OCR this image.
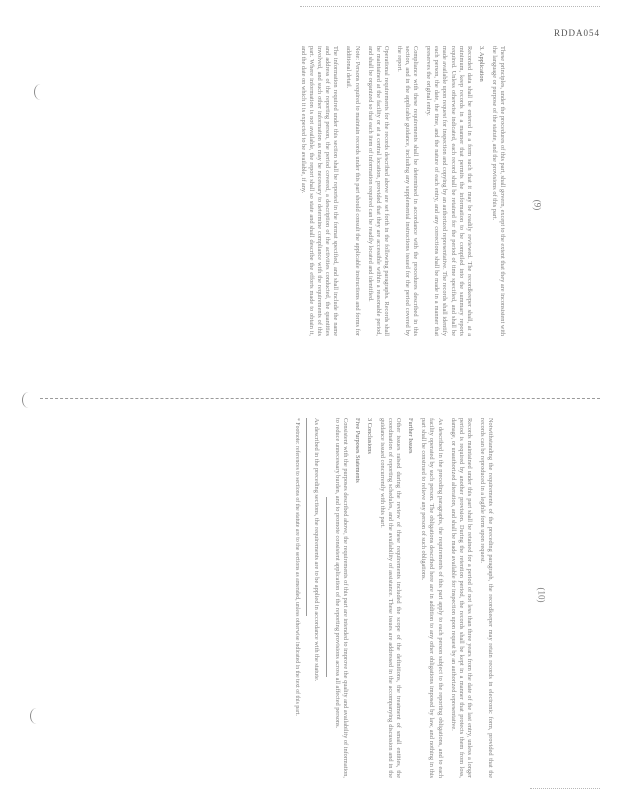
RDDA054
(9)
(10)

These principles, under the procedures of this part, shall govern, except to the extent that they are inconsistent with the language or purpose of the statute, and the provisions of this part.

3. Application

Recorded data shall be entered in a form such that it may be readily reviewed. The recordkeeper shall, at a minimum, keep records in a manner that permits the information to be compiled into the summary reports required. Unless otherwise indicated, each record shall be retained for the period of time specified, and shall be made available upon request for inspection and copying by an authorized representative. The records shall identify each person, the date, the time, and the nature of each entry, and any corrections shall be made in a manner that preserves the original entry.

Compliance with these requirements shall be determined in accordance with the procedures described in this section, and in the applicable guidance, including any supplemental instructions issued for the period covered by the report.

Operational requirements for the records described above are set forth in the following paragraphs. Records shall be maintained at the facility or at a central location, provided that they are accessible within a reasonable period, and shall be organized so that each item of information required can be readily located and identified.

Note: Persons required to maintain records under this part should consult the applicable instructions and forms for additional detail.

The information required under this section shall be reported in the format specified, and shall include the name and address of the reporting person, the period covered, a description of the activities conducted, the quantities involved, and such other information as may be necessary to determine compliance with the requirements of this part. Where information is not available, the report shall so state and shall describe the efforts made to obtain it, and the date on which it is expected to be available, if any.

Notwithstanding the requirements of the preceding paragraph, the recordkeeper may retain records in electronic form, provided that the records can be reproduced in a legible form upon request.

Records maintained under this part shall be retained for a period of not less than three years from the date of the last entry, unless a longer period is required by another provision. During the retention period, the records shall be kept in a manner that protects them from loss, damage, or unauthorized alteration, and shall be made available for inspection upon request by an authorized representative.

As described in the preceding paragraphs, the requirements of this part apply to each person subject to the reporting obligations, and to each facility operated by such person. The obligations described here are in addition to any other obligations imposed by law, and nothing in this part shall be construed to relieve any person of such obligations.

Further Issues

Other issues raised during the review of these requirements included the scope of the definitions, the treatment of small entities, the coordination of reporting schedules, and the availability of assistance. These issues are addressed in the accompanying discussion and in the guidance issued concurrently with this part.

3 Conclusions

Five Purposes Statements

Consistent with the purposes described above, the requirements of this part are intended to improve the quality and availability of information, to reduce unnecessary burden, and to promote consistent application of the reporting provisions across all affected persons.

As described in the preceding sections, the requirements are to be applied in accordance with the statute.

* Footnote: references to sections of the statute are to the sections as amended, unless otherwise indicated in the text of this part.
